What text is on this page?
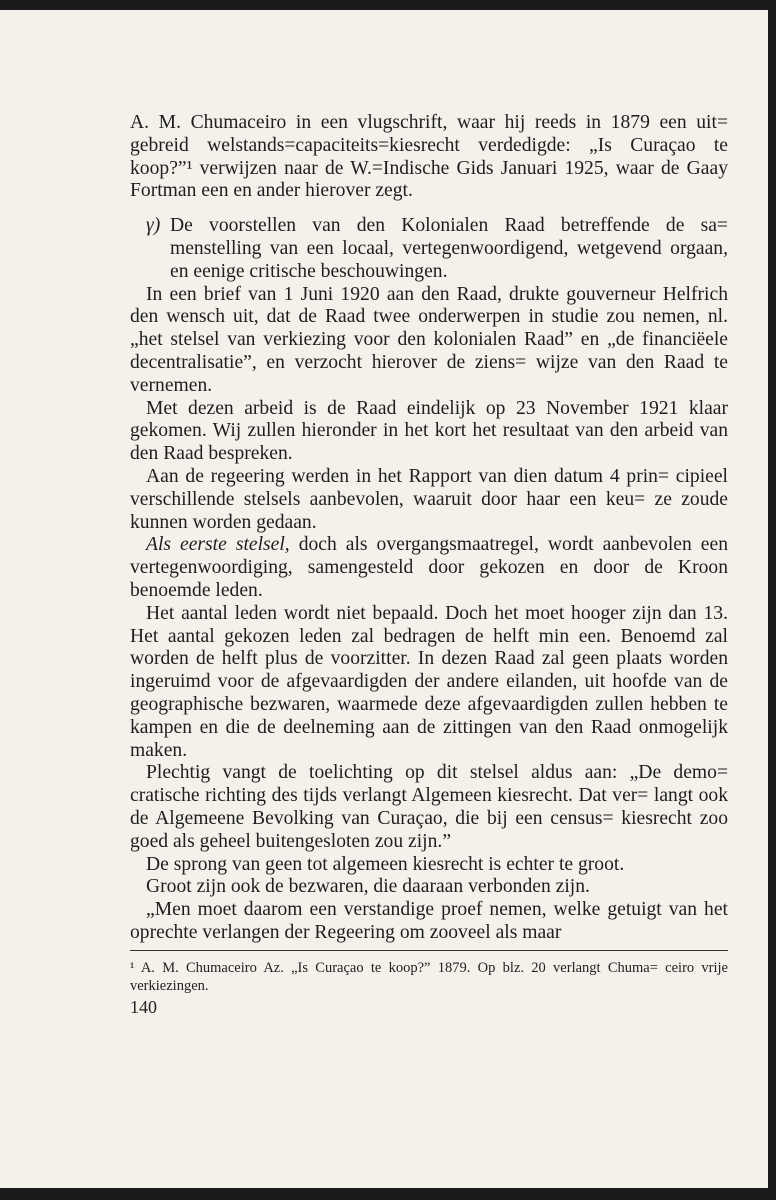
A. M. Chumaceiro in een vlugschrift, waar hij reeds in 1879 een uit= gebreid welstands=capaciteits=kiesrecht verdedigde: „Is Curaçao te koop?”¹ verwijzen naar de W.=Indische Gids Januari 1925, waar de Gaay Fortman een en ander hierover zegt.

γ) De voorstellen van den Kolonialen Raad betreffende de sa= menstelling van een locaal, vertegenwoordigend, wetgevend orgaan, en eenige critische beschouwingen.

In een brief van 1 Juni 1920 aan den Raad, drukte gouverneur Helfrich den wensch uit, dat de Raad twee onderwerpen in studie zou nemen, nl. „het stelsel van verkiezing voor den kolonialen Raad” en „de financiëele decentralisatie”, en verzocht hierover de ziens= wijze van den Raad te vernemen.

Met dezen arbeid is de Raad eindelijk op 23 November 1921 klaar gekomen. Wij zullen hieronder in het kort het resultaat van den arbeid van den Raad bespreken.

Aan de regeering werden in het Rapport van dien datum 4 prin= cipieel verschillende stelsels aanbevolen, waaruit door haar een keu= ze zoude kunnen worden gedaan.

Als eerste stelsel, doch als overgangsmaatregel, wordt aanbevolen een vertegenwoordiging, samengesteld door gekozen en door de Kroon benoemde leden.

Het aantal leden wordt niet bepaald. Doch het moet hooger zijn dan 13. Het aantal gekozen leden zal bedragen de helft min een. Benoemd zal worden de helft plus de voorzitter. In dezen Raad zal geen plaats worden ingeruimd voor de afgevaardigden der andere eilanden, uit hoofde van de geographische bezwaren, waarmede deze afgevaardigden zullen hebben te kampen en die de deelneming aan de zittingen van den Raad onmogelijk maken.

Plechtig vangt de toelichting op dit stelsel aldus aan: „De demo= cratische richting des tijds verlangt Algemeen kiesrecht. Dat ver= langt ook de Algemeene Bevolking van Curaçao, die bij een census= kiesrecht zoo goed als geheel buitengesloten zou zijn.”

De sprong van geen tot algemeen kiesrecht is echter te groot.

Groot zijn ook de bezwaren, die daaraan verbonden zijn.

„Men moet daarom een verstandige proef nemen, welke getuigt van het oprechte verlangen der Regeering om zooveel als maar

¹ A. M. Chumaceiro Az. „Is Curaçao te koop?” 1879. Op blz. 20 verlangt Chuma= ceiro vrije verkiezingen.

140
